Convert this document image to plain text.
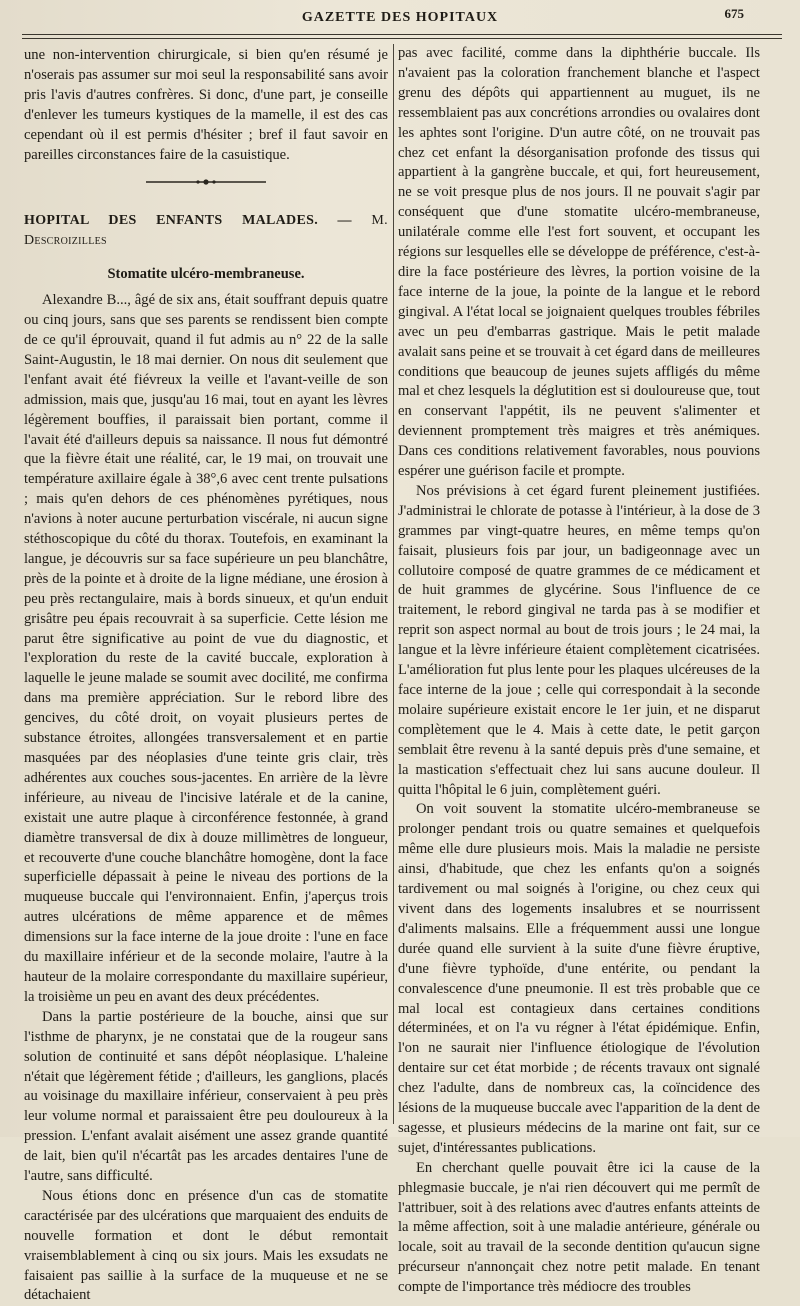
GAZETTE DES HOPITAUX	675

une non-intervention chirurgicale, si bien qu'en résumé je n'oserais pas assumer sur moi seul la responsabilité sans avoir pris l'avis d'autres confrères. Si donc, d'une part, je conseille d'enlever les tumeurs kystiques de la mamelle, il est des cas cependant où il est permis d'hésiter ; bref il faut savoir en pareilles circonstances faire de la casuistique.

HOPITAL DES ENFANTS MALADES. — M. Descroizilles

Stomatite ulcéro-membraneuse.

Alexandre B..., âgé de six ans, était souffrant depuis quatre ou cinq jours, sans que ses parents se rendissent bien compte de ce qu'il éprouvait, quand il fut admis au n° 22 de la salle Saint-Augustin, le 18 mai dernier. On nous dit seulement que l'enfant avait été fiévreux la veille et l'avant-veille de son admission, mais que, jusqu'au 16 mai, tout en ayant les lèvres légèrement bouffies, il paraissait bien portant, comme il l'avait été d'ailleurs depuis sa naissance. Il nous fut démontré que la fièvre était une réalité, car, le 19 mai, on trouvait une température axillaire égale à 38°,6 avec cent trente pulsations ; mais qu'en dehors de ces phénomènes pyrétiques, nous n'avions à noter aucune perturbation viscérale, ni aucun signe stéthoscopique du côté du thorax. Toutefois, en examinant la langue, je découvris sur sa face supérieure un peu blanchâtre, près de la pointe et à droite de la ligne médiane, une érosion à peu près rectangulaire, mais à bords sinueux, et qu'un enduit grisâtre peu épais recouvrait à sa superficie. Cette lésion me parut être significative au point de vue du diagnostic, et l'exploration du reste de la cavité buccale, exploration à laquelle le jeune malade se soumit avec docilité, me confirma dans ma première appréciation. Sur le rebord libre des gencives, du côté droit, on voyait plusieurs pertes de substance étroites, allongées transversalement et en partie masquées par des néoplasies d'une teinte gris clair, très adhérentes aux couches sous-jacentes. En arrière de la lèvre inférieure, au niveau de l'incisive latérale et de la canine, existait une autre plaque à circonférence festonnée, à grand diamètre transversal de dix à douze millimètres de longueur, et recouverte d'une couche blanchâtre homogène, dont la face superficielle dépassait à peine le niveau des portions de la muqueuse buccale qui l'environnaient. Enfin, j'aperçus trois autres ulcérations de même apparence et de mêmes dimensions sur la face interne de la joue droite : l'une en face du maxillaire inférieur et de la seconde molaire, l'autre à la hauteur de la molaire correspondante du maxillaire supérieur, la troisième un peu en avant des deux précédentes.

Dans la partie postérieure de la bouche, ainsi que sur l'isthme de pharynx, je ne constatai que de la rougeur sans solution de continuité et sans dépôt néoplasique. L'haleine n'était que légèrement fétide ; d'ailleurs, les ganglions, placés au voisinage du maxillaire inférieur, conservaient à peu près leur volume normal et paraissaient être peu douloureux à la pression. L'enfant avalait aisément une assez grande quantité de lait, bien qu'il n'écartât pas les arcades dentaires l'une de l'autre, sans difficulté.

Nous étions donc en présence d'un cas de stomatite caractérisée par des ulcérations que marquaient des enduits de nouvelle formation et dont le début remontait vraisemblablement à cinq ou six jours. Mais les exsudats ne faisaient pas saillie à la surface de la muqueuse et ne se détachaient

pas avec facilité, comme dans la diphthérie buccale. Ils n'avaient pas la coloration franchement blanche et l'aspect grenu des dépôts qui appartiennent au muguet, ils ne ressemblaient pas aux concrétions arrondies ou ovalaires dont les aphtes sont l'origine. D'un autre côté, on ne trouvait pas chez cet enfant la désorganisation profonde des tissus qui appartient à la gangrène buccale, et qui, fort heureusement, ne se voit presque plus de nos jours. Il ne pouvait s'agir par conséquent que d'une stomatite ulcéro-membraneuse, unilatérale comme elle l'est fort souvent, et occupant les régions sur lesquelles elle se développe de préférence, c'est-à-dire la face postérieure des lèvres, la portion voisine de la face interne de la joue, la pointe de la langue et le rebord gingival. A l'état local se joignaient quelques troubles fébriles avec un peu d'embarras gastrique. Mais le petit malade avalait sans peine et se trouvait à cet égard dans de meilleures conditions que beaucoup de jeunes sujets affligés du même mal et chez lesquels la déglutition est si douloureuse que, tout en conservant l'appétit, ils ne peuvent s'alimenter et deviennent promptement très maigres et très anémiques. Dans ces conditions relativement favorables, nous pouvions espérer une guérison facile et prompte.

Nos prévisions à cet égard furent pleinement justifiées. J'administrai le chlorate de potasse à l'intérieur, à la dose de 3 grammes par vingt-quatre heures, en même temps qu'on faisait, plusieurs fois par jour, un badigeonnage avec un collutoire composé de quatre grammes de ce médicament et de huit grammes de glycérine. Sous l'influence de ce traitement, le rebord gingival ne tarda pas à se modifier et reprit son aspect normal au bout de trois jours ; le 24 mai, la langue et la lèvre inférieure étaient complètement cicatrisées. L'amélioration fut plus lente pour les plaques ulcéreuses de la face interne de la joue ; celle qui correspondait à la seconde molaire supérieure existait encore le 1er juin, et ne disparut complètement que le 4. Mais à cette date, le petit garçon semblait être revenu à la santé depuis près d'une semaine, et la mastication s'effectuait chez lui sans aucune douleur. Il quitta l'hôpital le 6 juin, complètement guéri.

On voit souvent la stomatite ulcéro-membraneuse se prolonger pendant trois ou quatre semaines et quelquefois même elle dure plusieurs mois. Mais la maladie ne persiste ainsi, d'habitude, que chez les enfants qu'on a soignés tardivement ou mal soignés à l'origine, ou chez ceux qui vivent dans des logements insalubres et se nourrissent d'aliments malsains. Elle a fréquemment aussi une longue durée quand elle survient à la suite d'une fièvre éruptive, d'une fièvre typhoïde, d'une entérite, ou pendant la convalescence d'une pneumonie. Il est très probable que ce mal local est contagieux dans certaines conditions déterminées, et on l'a vu régner à l'état épidémique. Enfin, l'on ne saurait nier l'influence étiologique de l'évolution dentaire sur cet état morbide ; de récents travaux ont signalé chez l'adulte, dans de nombreux cas, la coïncidence des lésions de la muqueuse buccale avec l'apparition de la dent de sagesse, et plusieurs médecins de la marine ont fait, sur ce sujet, d'intéressantes publications.

En cherchant quelle pouvait être ici la cause de la phlegmasie buccale, je n'ai rien découvert qui me permît de l'attribuer, soit à des relations avec d'autres enfants atteints de la même affection, soit à une maladie antérieure, générale ou locale, soit au travail de la seconde dentition qu'aucun signe précurseur n'annonçait chez notre petit malade. En tenant compte de l'importance très médiocre des troubles
